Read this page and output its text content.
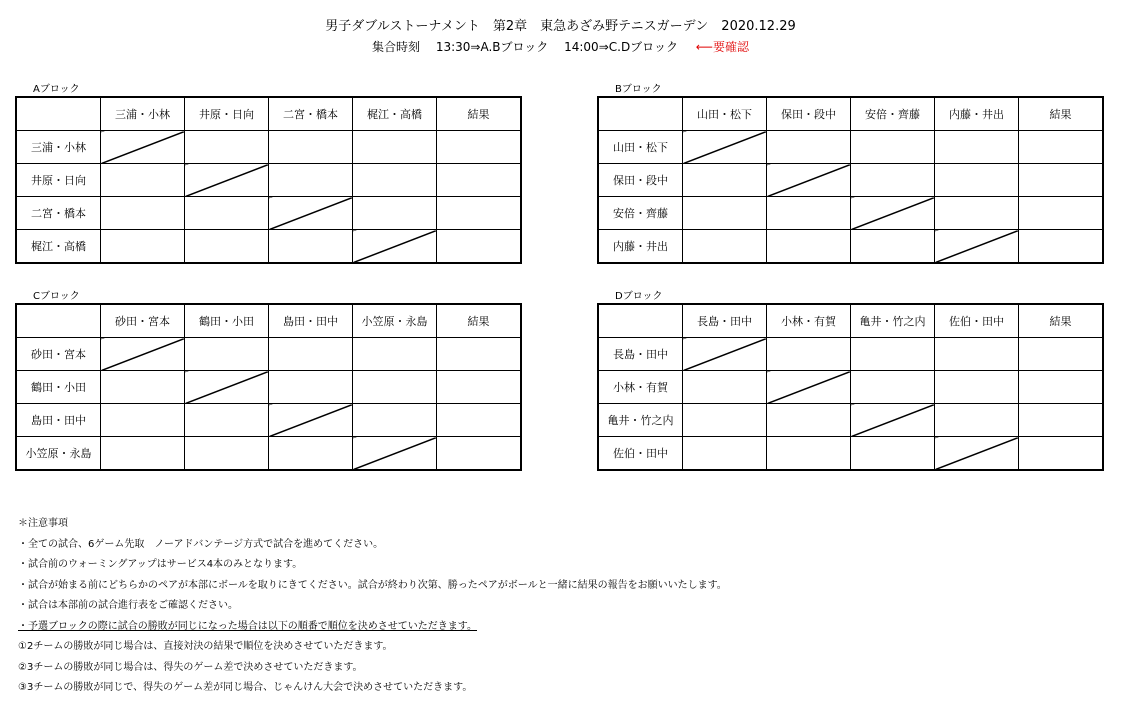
男子ダブルストーナメント　第2章　東急あざみ野テニスガーデン　2020.12.29
集合時刻 13:30⇒A.Bブロック 14:00⇒C.Dブロック ⟵要確認
Aブロック
	三浦・小林	井原・日向	二宮・橋本	梶江・高橋	結果
三浦・小林					
井原・日向					
二宮・橋本					
梶江・高橋					
Bブロック
	山田・松下	保田・段中	安倍・齊藤	内藤・井出	結果
山田・松下					
保田・段中					
安倍・齊藤					
内藤・井出					
Cブロック
	砂田・宮本	鶴田・小田	島田・田中	小笠原・永島	結果
砂田・宮本					
鶴田・小田					
島田・田中					
小笠原・永島					
Dブロック
	長島・田中	小林・有賀	亀井・竹之内	佐伯・田中	結果
長島・田中					
小林・有賀					
亀井・竹之内					
佐伯・田中					
＊注意事項
・全ての試合、6ゲーム先取　ノーアドバンテージ方式で試合を進めてください。
・試合前のウォーミングアップはサービス4本のみとなります。
・試合が始まる前にどちらかのペアが本部にボールを取りにきてください。試合が終わり次第、勝ったペアがボールと一緒に結果の報告をお願いいたします。
・試合は本部前の試合進行表をご確認ください。
・予選ブロックの際に試合の勝敗が同じになった場合は以下の順番で順位を決めさせていただきます。
①2チームの勝敗が同じ場合は、直接対決の結果で順位を決めさせていただきます。
②3チームの勝敗が同じ場合は、得失のゲーム差で決めさせていただきます。
③3チームの勝敗が同じで、得失のゲーム差が同じ場合、じゃんけん大会で決めさせていただきます。
